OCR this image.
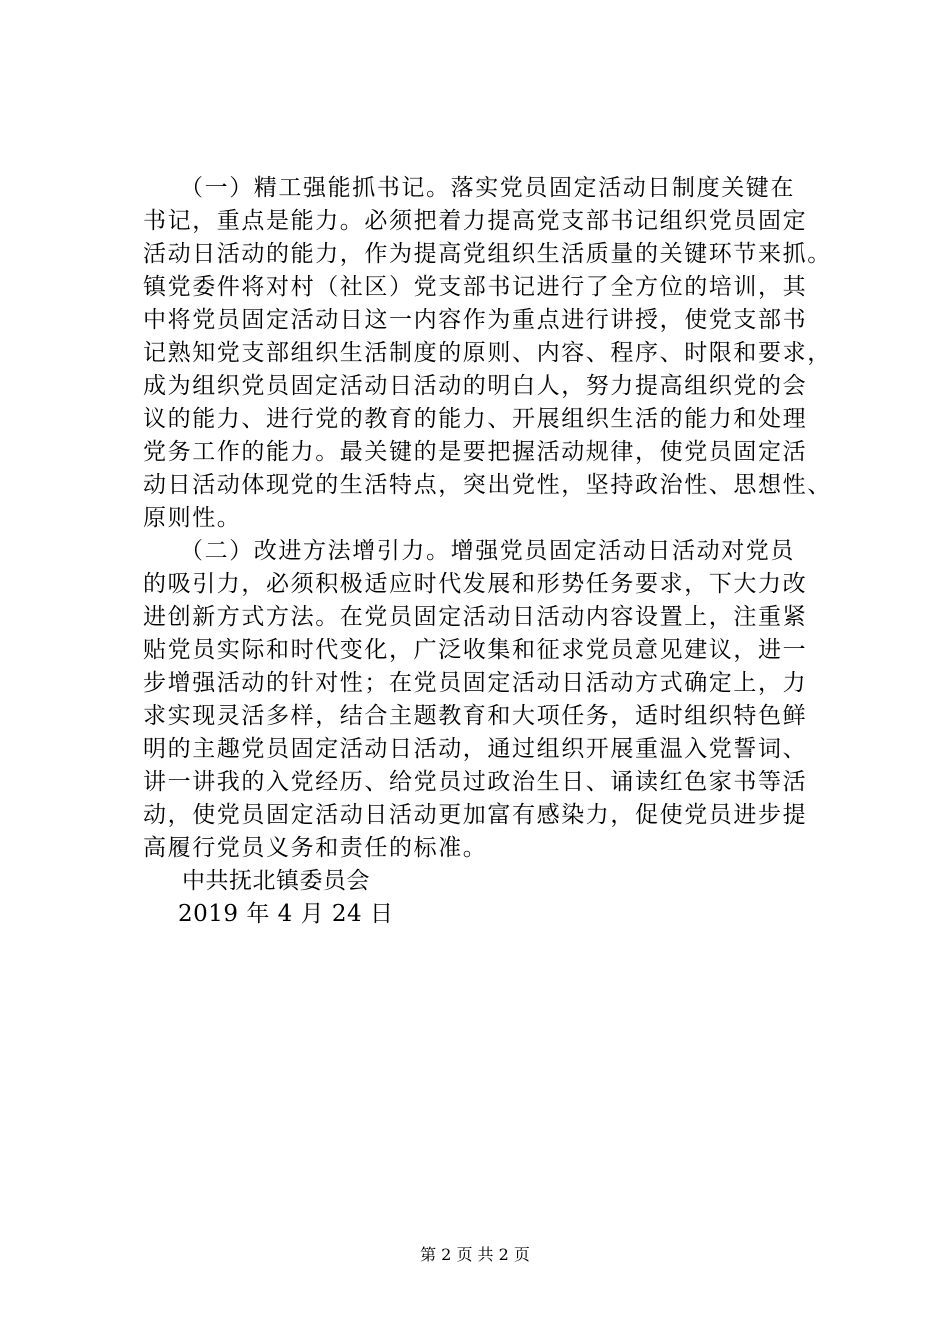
（一）精工强能抓书记。落实党员固定活动日制度关键在
书记，重点是能力。必须把着力提高党支部书记组织党员固定
活动日活动的能力，作为提高党组织生活质量的关键环节来抓。
镇党委件将对村（社区）党支部书记进行了全方位的培训，其
中将党员固定活动日这一内容作为重点进行讲授，使党支部书
记熟知党支部组织生活制度的原则、内容、程序、时限和要求，
成为组织党员固定活动日活动的明白人，努力提高组织党的会
议的能力、进行党的教育的能力、开展组织生活的能力和处理
党务工作的能力。最关键的是要把握活动规律，使党员固定活
动日活动体现党的生活特点，突出党性，坚持政治性、思想性、
原则性。
（二）改进方法增引力。增强党员固定活动日活动对党员
的吸引力，必须积极适应时代发展和形势任务要求，下大力改
进创新方式方法。在党员固定活动日活动内容设置上，注重紧
贴党员实际和时代变化，广泛收集和征求党员意见建议，进一
步增强活动的针对性；在党员固定活动日活动方式确定上，力
求实现灵活多样，结合主题教育和大项任务，适时组织特色鲜
明的主趣党员固定活动日活动，通过组织开展重温入党誓词、
讲一讲我的入党经历、给党员过政治生日、诵读红色家书等活
动，使党员固定活动日活动更加富有感染力，促使党员进步提
高履行党员义务和责任的标准。
中共抚北镇委员会
2019 年 4 月 24 日
第 2 页 共 2 页
